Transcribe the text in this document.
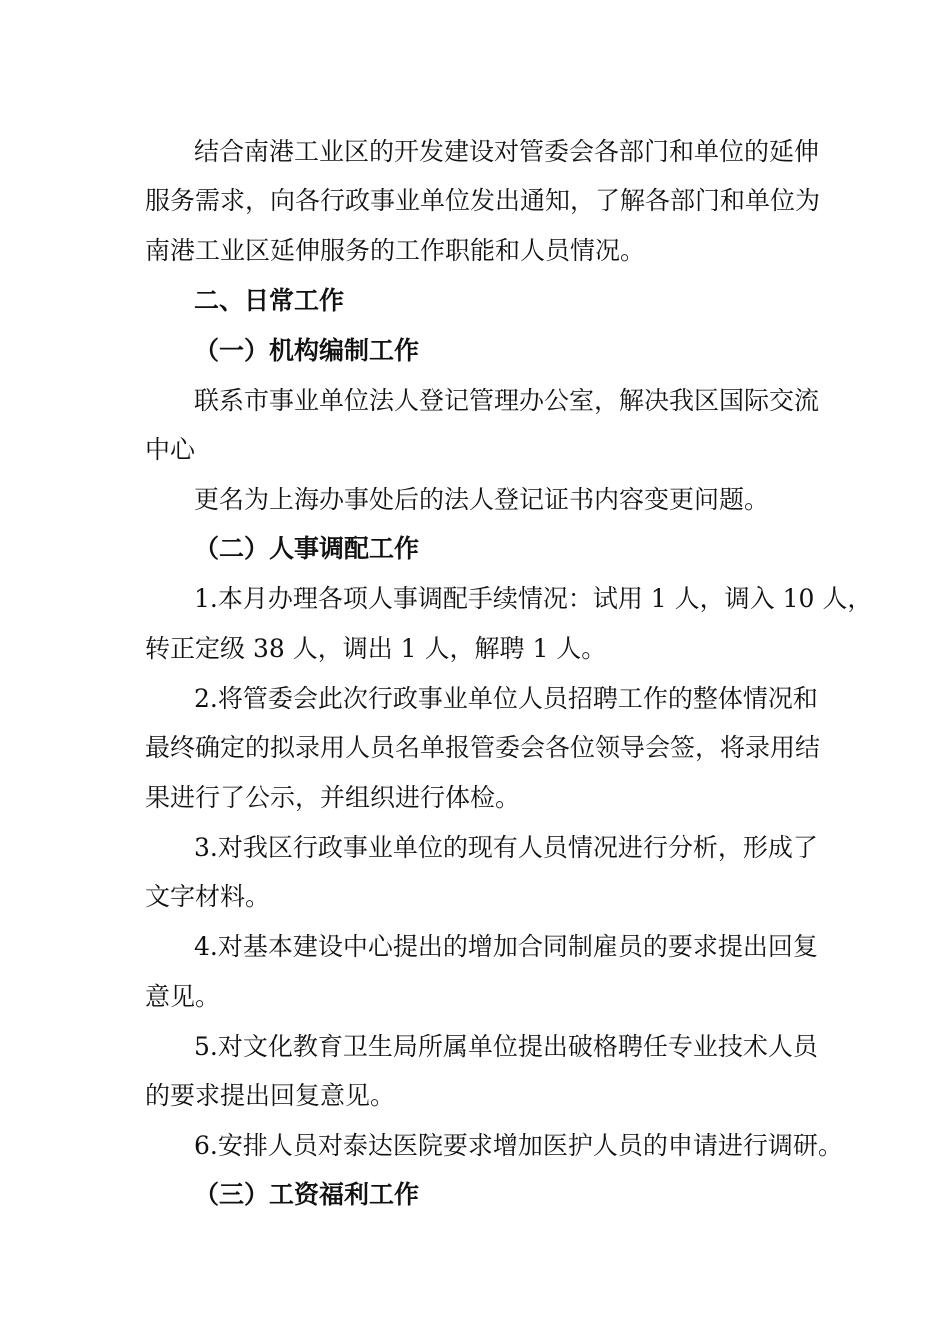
结合南港工业区的开发建设对管委会各部门和单位的延伸
服务需求，向各行政事业单位发出通知，了解各部门和单位为
南港工业区延伸服务的工作职能和人员情况。
二、日常工作
（一）机构编制工作
联系市事业单位法人登记管理办公室，解决我区国际交流
中心
更名为上海办事处后的法人登记证书内容变更问题。
（二）人事调配工作
1.本月办理各项人事调配手续情况：试用 1 人，调入 10 人，
转正定级 38 人，调出 1 人，解聘 1 人。
2.将管委会此次行政事业单位人员招聘工作的整体情况和
最终确定的拟录用人员名单报管委会各位领导会签，将录用结
果进行了公示，并组织进行体检。
3.对我区行政事业单位的现有人员情况进行分析，形成了
文字材料。
4.对基本建设中心提出的增加合同制雇员的要求提出回复
意见。
5.对文化教育卫生局所属单位提出破格聘任专业技术人员
的要求提出回复意见。
6.安排人员对泰达医院要求增加医护人员的申请进行调研。
（三）工资福利工作
